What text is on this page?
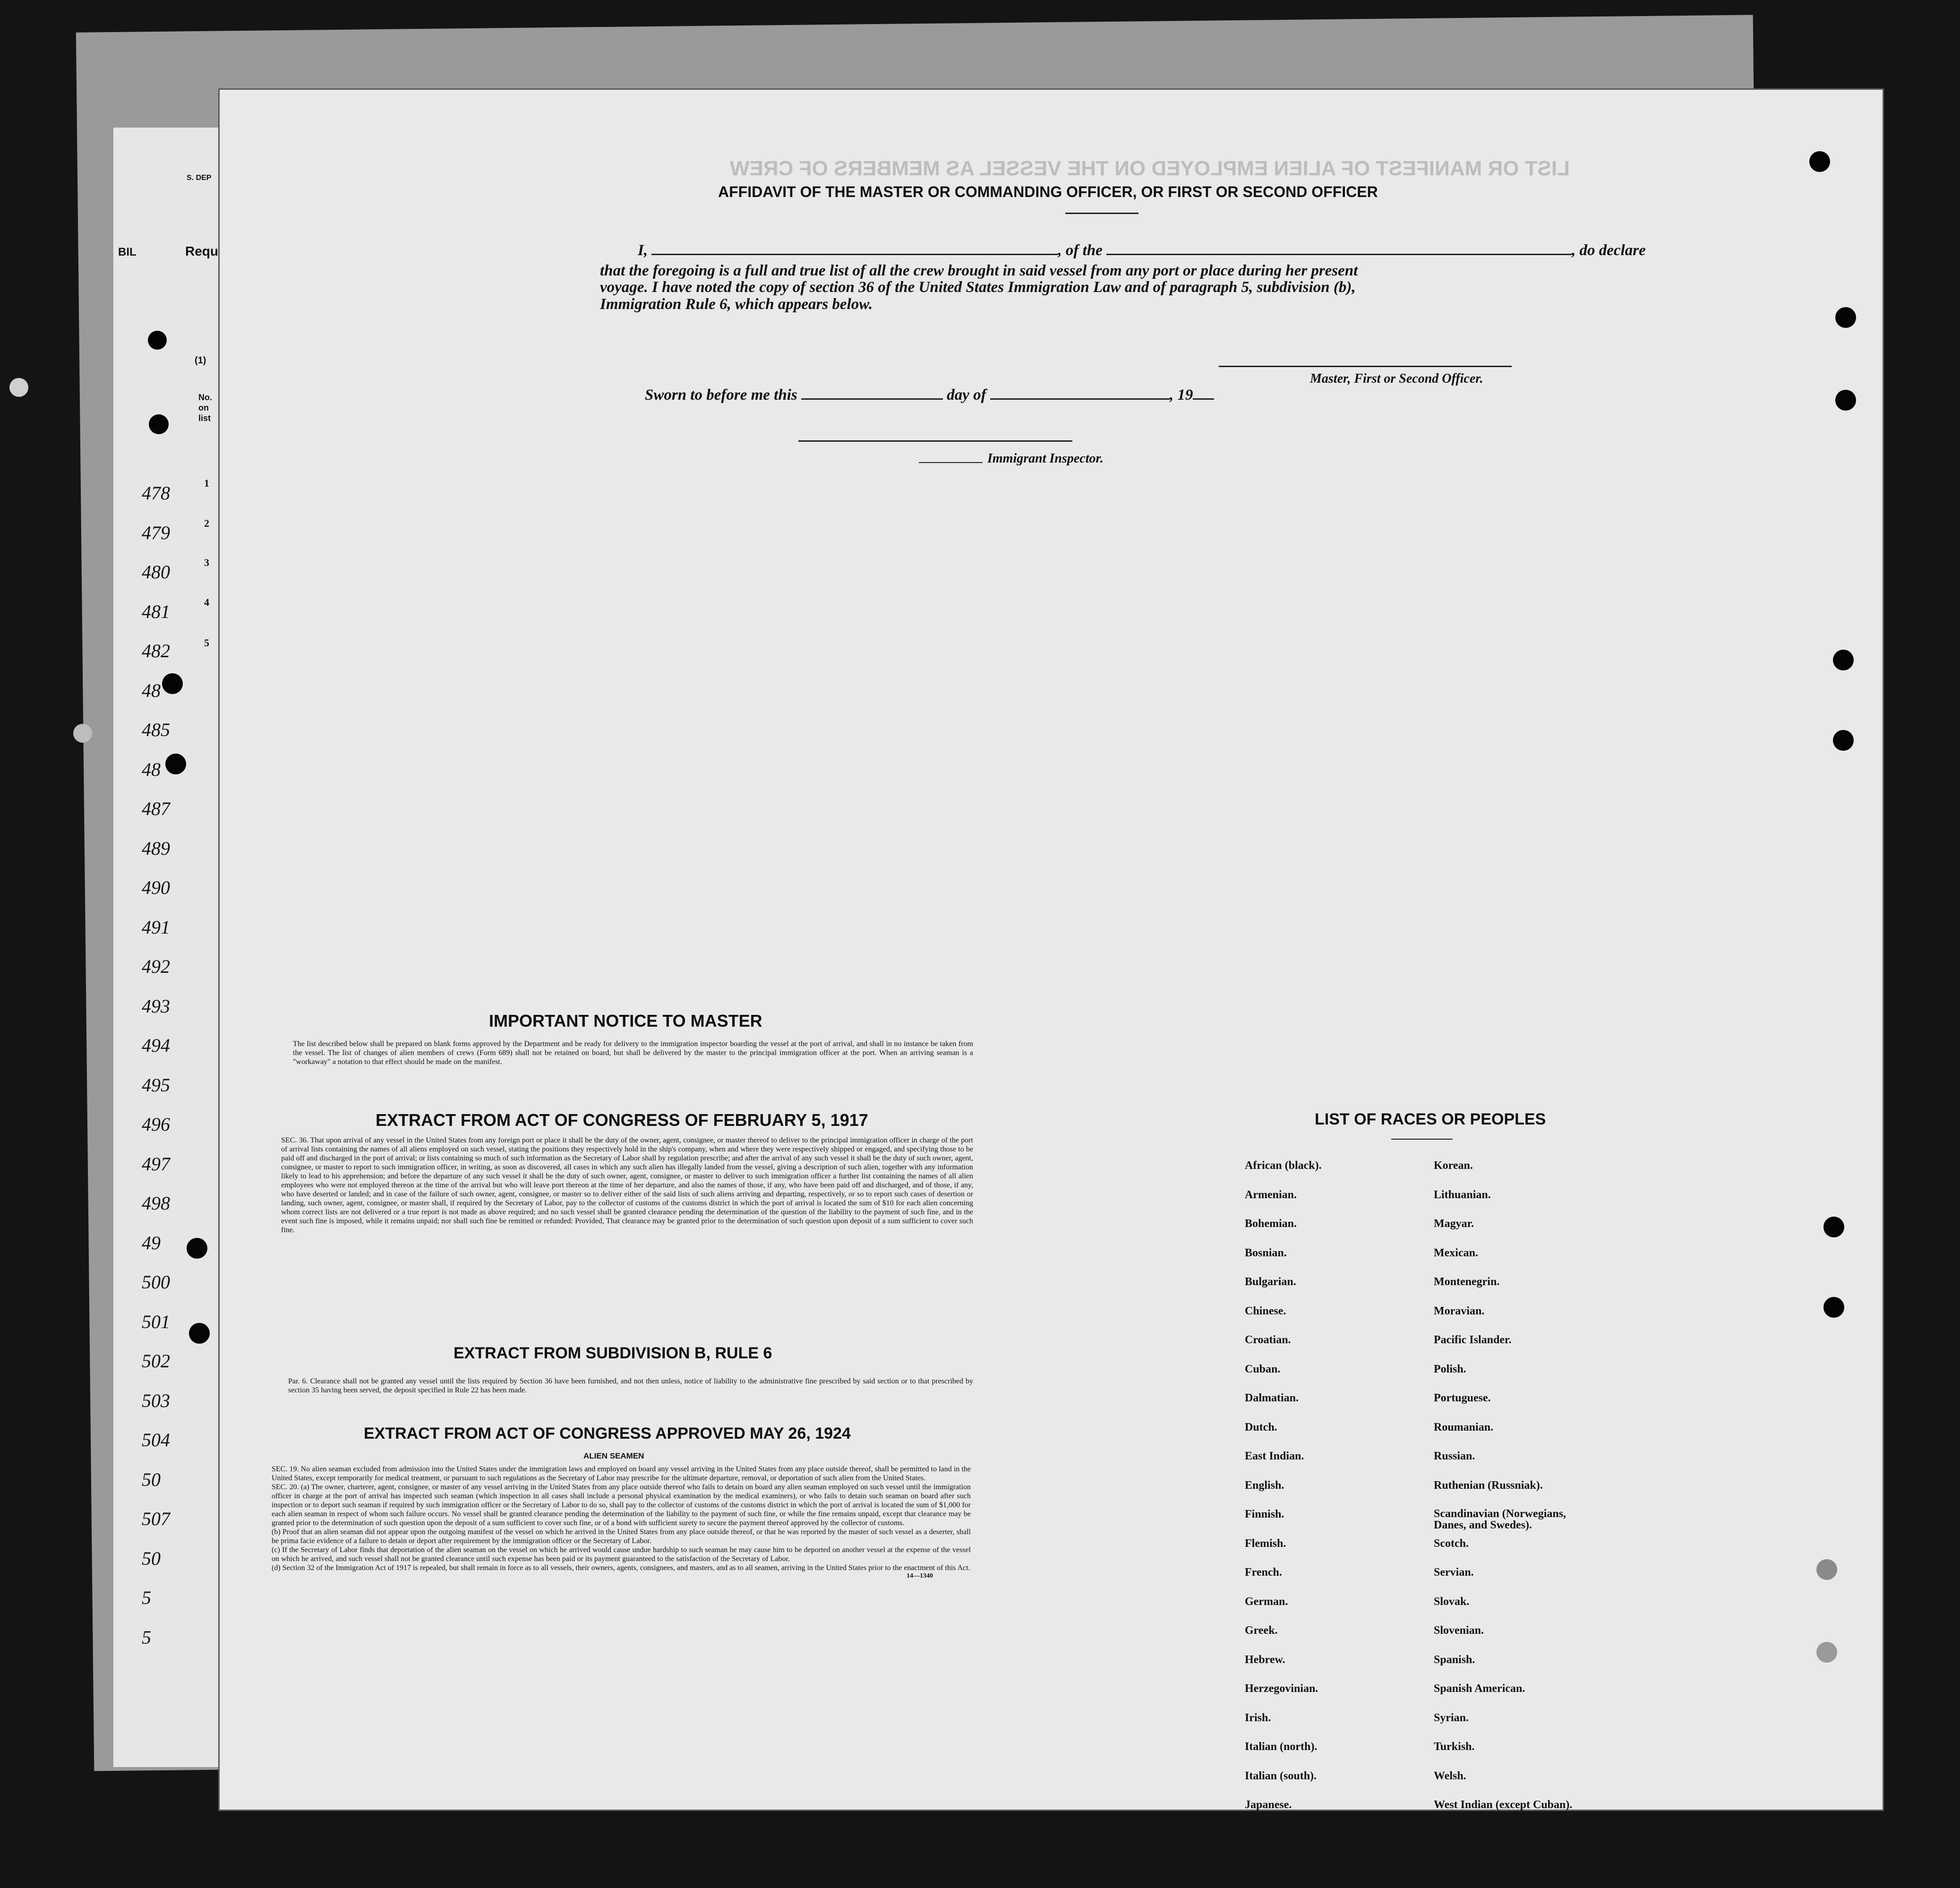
S. DEP
BIL	Requ
(1)
No.
on
list
1
2
3
4
5
478
479
480
481
482
48
485
48
487
489
490
491
492
493
494
495
496
497
498
49
500
501
502
503
504
50
507
50
5
5
LIST OR MANIFEST OF ALIEN EMPLOYED ON THE VESSEL AS MEMBERS OF CREW
AFFIDAVIT OF THE MASTER OR COMMANDING OFFICER, OR FIRST OR SECOND OFFICER
I,	, of the	, do declare
that the foregoing is a full and true list of all the crew brought in said vessel from any port or place during her present
voyage. I have noted the copy of section 36 of the United States Immigration Law and of paragraph 5, subdivision (b),
Immigration Rule 6, which appears below.
Master, First or Second Officer.
Sworn to before me this	day of	, 19
Immigrant Inspector.
IMPORTANT NOTICE TO MASTER
The list described below shall be prepared on blank forms approved by the Department and be ready for delivery to the immigration inspector boarding the vessel at the port of arrival, and shall in no instance be taken from the vessel. The list of changes of alien members of crews (Form 689) shall not be retained on board, but shall be delivered by the master to the principal immigration officer at the port. When an arriving seaman is a "workaway" a notation to that effect should be made on the manifest.
EXTRACT FROM ACT OF CONGRESS OF FEBRUARY 5, 1917
SEC. 36. That upon arrival of any vessel in the United States from any foreign port or place it shall be the duty of the owner, agent, consignee, or master thereof to deliver to the principal immigration officer in charge of the port of arrival lists containing the names of all aliens employed on such vessel, stating the positions they respectively hold in the ship's company, when and where they were respectively shipped or engaged, and specifying those to be paid off and discharged in the port of arrival; or lists containing so much of such information as the Secretary of Labor shall by regulation prescribe; and after the arrival of any such vessel it shall be the duty of such owner, agent, consignee, or master to report to such immigration officer, in writing, as soon as discovered, all cases in which any such alien has illegally landed from the vessel, giving a description of such alien, together with any information likely to lead to his apprehension; and before the departure of any such vessel it shall be the duty of such owner, agent, consignee, or master to deliver to such immigration officer a further list containing the names of all alien employees who were not employed thereon at the time of the arrival but who will leave port thereon at the time of her departure, and also the names of those, if any, who have been paid off and discharged, and of those, if any, who have deserted or landed; and in case of the failure of such owner, agent, consignee, or master so to deliver either of the said lists of such aliens arriving and departing, respectively, or so to report such cases of desertion or landing, such owner, agent, consignee, or master shall, if required by the Secretary of Labor, pay to the collector of customs of the customs district in which the port of arrival is located the sum of $10 for each alien concerning whom correct lists are not delivered or a true report is not made as above required; and no such vessel shall be granted clearance pending the determination of the question of the liability to the payment of such fine, and in the event such fine is imposed, while it remains unpaid; nor shall such fine be remitted or refunded: Provided, That clearance may be granted prior to the determination of such question upon deposit of a sum sufficient to cover such fine.
EXTRACT FROM SUBDIVISION B, RULE 6
Par. 6. Clearance shall not be granted any vessel until the lists required by Section 36 have been furnished, and not then unless, notice of liability to the administrative fine prescribed by said section or to that prescribed by section 35 having been served, the deposit specified in Rule 22 has been made.
EXTRACT FROM ACT OF CONGRESS APPROVED MAY 26, 1924
ALIEN SEAMEN
SEC. 19. No alien seaman excluded from admission into the United States under the immigration laws and employed on board any vessel arriving in the United States from any place outside thereof, shall be permitted to land in the United States, except temporarily for medical treatment, or pursuant to such regulations as the Secretary of Labor may prescribe for the ultimate departure, removal, or deportation of such alien from the United States.
SEC. 20. (a) The owner, charterer, agent, consignee, or master of any vessel arriving in the United States from any place outside thereof who fails to detain on board any alien seaman employed on such vessel until the immigration officer in charge at the port of arrival has inspected such seaman (which inspection in all cases shall include a personal physical examination by the medical examiners), or who fails to detain such seaman on board after such inspection or to deport such seaman if required by such immigration officer or the Secretary of Labor to do so, shall pay to the collector of customs of the customs district in which the port of arrival is located the sum of $1,000 for each alien seaman in respect of whom such failure occurs. No vessel shall be granted clearance pending the determination of the liability to the payment of such fine, or while the fine remains unpaid, except that clearance may be granted prior to the determination of such question upon the deposit of a sum sufficient to cover such fine, or of a bond with sufficient surety to secure the payment thereof approved by the collector of customs.
(b) Proof that an alien seaman did not appear upon the outgoing manifest of the vessel on which he arrived in the United States from any place outside thereof, or that he was reported by the master of such vessel as a deserter, shall be prima facie evidence of a failure to detain or deport after requirement by the immigration officer or the Secretary of Labor.
(c) If the Secretary of Labor finds that deportation of the alien seaman on the vessel on which he arrived would cause undue hardship to such seaman he may cause him to be deported on another vessel at the expense of the vessel on which he arrived, and such vessel shall not be granted clearance until such expense has been paid or its payment guaranteed to the satisfaction of the Secretary of Labor.
(d) Section 32 of the Immigration Act of 1917 is repealed, but shall remain in force as to all vessels, their owners, agents, consignees, and masters, and as to all seamen, arriving in the United States prior to the enactment of this Act.
14—1340
LIST OF RACES OR PEOPLES
African (black).
Armenian.
Bohemian.
Bosnian.
Bulgarian.
Chinese.
Croatian.
Cuban.
Dalmatian.
Dutch.
East Indian.
English.
Finnish.
Flemish.
French.
German.
Greek.
Hebrew.
Herzegovinian.
Irish.
Italian (north).
Italian (south).
Japanese.
Korean.
Lithuanian.
Magyar.
Mexican.
Montenegrin.
Moravian.
Pacific Islander.
Polish.
Portuguese.
Roumanian.
Russian.
Ruthenian (Russniak).
Scandinavian (Norwegians, Danes, and Swedes).
Scotch.
Servian.
Slovak.
Slovenian.
Spanish.
Spanish American.
Syrian.
Turkish.
Welsh.
West Indian (except Cuban).
